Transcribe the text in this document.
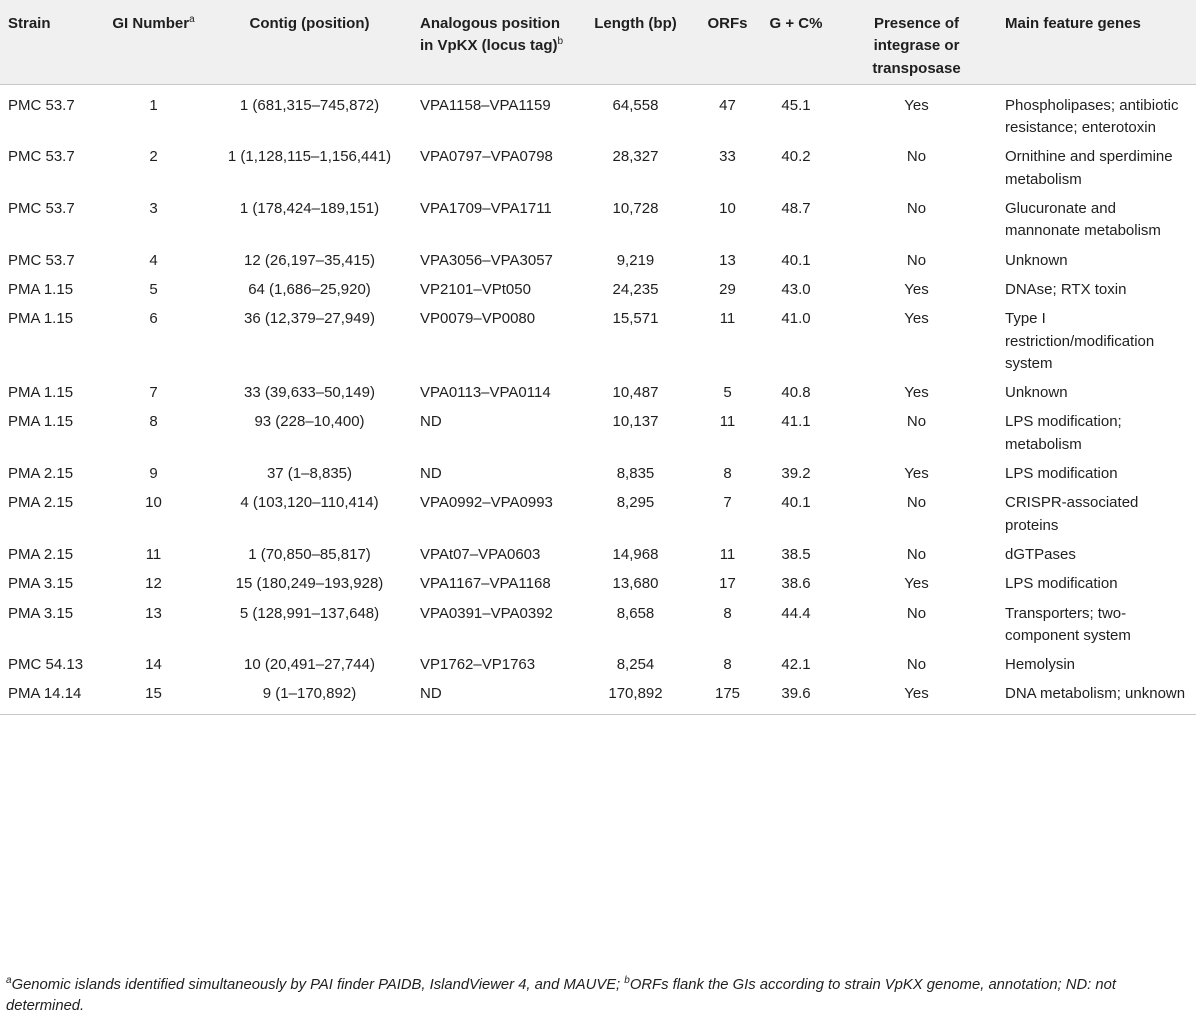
Strain	GI Number$^a$	Contig (position)	Analogous position in VpKX (locus tag)$^b$	Length (bp)	ORFs	G + C%	Presence of integrase or transposase	Main feature genes
PMC 53.7	1	1 (681,315–745,872)	VPA1158–VPA1159	64,558	47	45.1	Yes	Phospholipases; antibiotic resistance; enterotoxin
PMC 53.7	2	1 (1,128,115–1,156,441)	VPA0797–VPA0798	28,327	33	40.2	No	Ornithine and sperdimine metabolism
PMC 53.7	3	1 (178,424–189,151)	VPA1709–VPA1711	10,728	10	48.7	No	Glucuronate and mannonate metabolism
PMC 53.7	4	12 (26,197–35,415)	VPA3056–VPA3057	9,219	13	40.1	No	Unknown
PMA 1.15	5	64 (1,686–25,920)	VP2101–VPt050	24,235	29	43.0	Yes	DNAse; RTX toxin
PMA 1.15	6	36 (12,379–27,949)	VP0079–VP0080	15,571	11	41.0	Yes	Type I restriction/modification system
PMA 1.15	7	33 (39,633–50,149)	VPA0113–VPA0114	10,487	5	40.8	Yes	Unknown
PMA 1.15	8	93 (228–10,400)	ND	10,137	11	41.1	No	LPS modification; metabolism
PMA 2.15	9	37 (1–8,835)	ND	8,835	8	39.2	Yes	LPS modification
PMA 2.15	10	4 (103,120–110,414)	VPA0992–VPA0993	8,295	7	40.1	No	CRISPR-associated proteins
PMA 2.15	11	1 (70,850–85,817)	VPAt07–VPA0603	14,968	11	38.5	No	dGTPases
PMA 3.15	12	15 (180,249–193,928)	VPA1167–VPA1168	13,680	17	38.6	Yes	LPS modification
PMA 3.15	13	5 (128,991–137,648)	VPA0391–VPA0392	8,658	8	44.4	No	Transporters; two-component system
PMC 54.13	14	10 (20,491–27,744)	VP1762–VP1763	8,254	8	42.1	No	Hemolysin
PMA 14.14	15	9 (1–170,892)	ND	170,892	175	39.6	Yes	DNA metabolism; unknown
$^a$Genomic islands identified simultaneously by PAI finder PAIDB, IslandViewer 4, and MAUVE; $^b$ORFs flank the GIs according to strain VpKX genome, annotation; ND: not determined.
